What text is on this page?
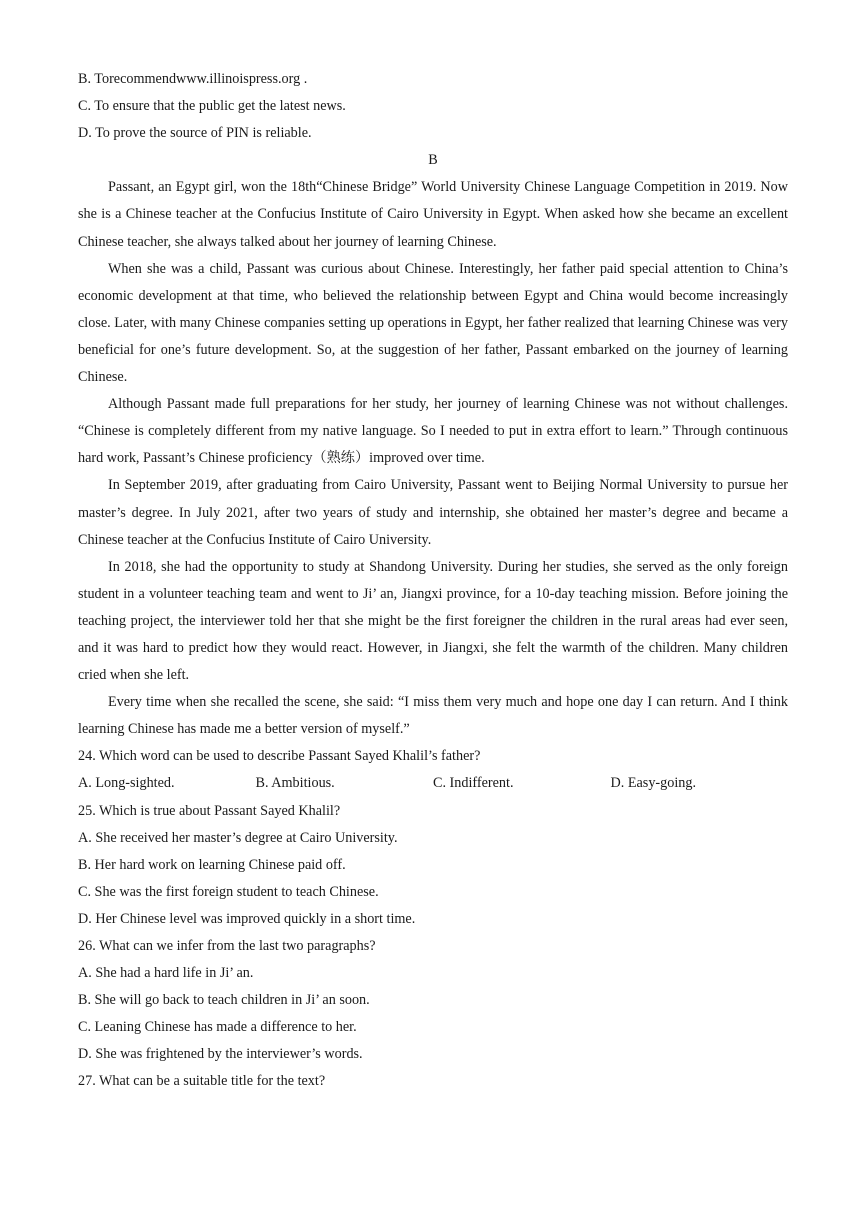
B. Torecommendwww.illinoispress.org .
C. To ensure that the public get the latest news.
D. To prove the source of PIN is reliable.
B

Passant, an Egypt girl, won the 18th“Chinese Bridge” World University Chinese Language Competition in 2019. Now she is a Chinese teacher at the Confucius Institute of Cairo University in Egypt. When asked how she became an excellent Chinese teacher, she always talked about her journey of learning Chinese.

When she was a child, Passant was curious about Chinese. Interestingly, her father paid special attention to China’s economic development at that time, who believed the relationship between Egypt and China would become increasingly close. Later, with many Chinese companies setting up operations in Egypt, her father realized that learning Chinese was very beneficial for one’s future development. So, at the suggestion of her father, Passant embarked on the journey of learning Chinese.

Although Passant made full preparations for her study, her journey of learning Chinese was not without challenges. “Chinese is completely different from my native language. So I needed to put in extra effort to learn.” Through continuous hard work, Passant’s Chinese proficiency（熟练）improved over time.

In September 2019, after graduating from Cairo University, Passant went to Beijing Normal University to pursue her master’s degree. In July 2021, after two years of study and internship, she obtained her master’s degree and became a Chinese teacher at the Confucius Institute of Cairo University.

In 2018, she had the opportunity to study at Shandong University. During her studies, she served as the only foreign student in a volunteer teaching team and went to Ji’ an, Jiangxi province, for a 10-day teaching mission. Before joining the teaching project, the interviewer told her that she might be the first foreigner the children in the rural areas had ever seen, and it was hard to predict how they would react. However, in Jiangxi, she felt the warmth of the children. Many children cried when she left.

Every time when she recalled the scene, she said: “I miss them very much and hope one day I can return. And I think learning Chinese has made me a better version of myself.”

24. Which word can be used to describe Passant Sayed Khalil’s father?
A. Long-sighted.	B. Ambitious.	C. Indifferent.	D. Easy-going.
25. Which is true about Passant Sayed Khalil?
A. She received her master’s degree at Cairo University.
B. Her hard work on learning Chinese paid off.
C. She was the first foreign student to teach Chinese.
D. Her Chinese level was improved quickly in a short time.
26. What can we infer from the last two paragraphs?
A. She had a hard life in Ji’ an.
B. She will go back to teach children in Ji’ an soon.
C. Leaning Chinese has made a difference to her.
D. She was frightened by the interviewer’s words.
27. What can be a suitable title for the text?
